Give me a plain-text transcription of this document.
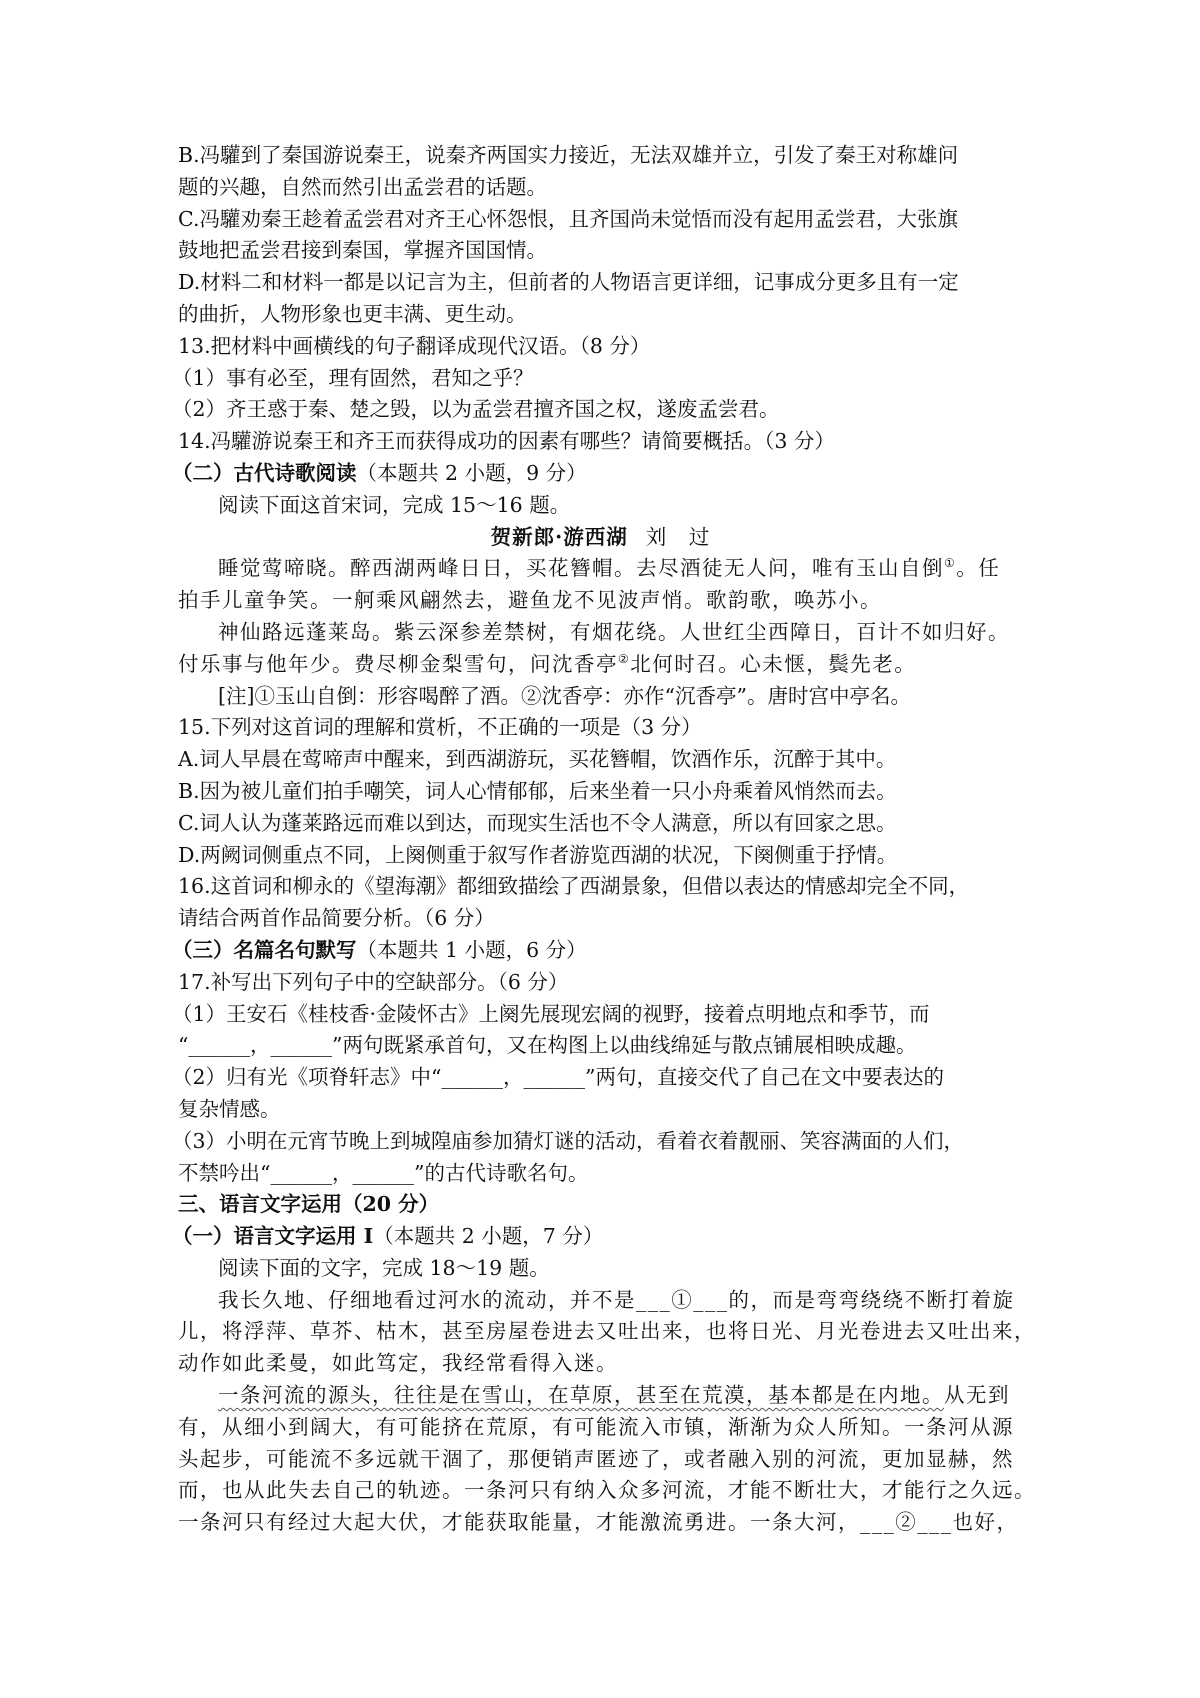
B.冯驩到了秦国游说秦王，说秦齐两国实力接近，无法双雄并立，引发了秦王对称雄问
题的兴趣，自然而然引出孟尝君的话题。
C.冯驩劝秦王趁着孟尝君对齐王心怀怨恨，且齐国尚未觉悟而没有起用孟尝君，大张旗
鼓地把孟尝君接到秦国，掌握齐国国情。
D.材料二和材料一都是以记言为主，但前者的人物语言更详细，记事成分更多且有一定
的曲折，人物形象也更丰满、更生动。
13.把材料中画横线的句子翻译成现代汉语。（8 分）
（1）事有必至，理有固然，君知之乎？
（2）齐王惑于秦、楚之毁，以为孟尝君擅齐国之权，遂废孟尝君。
14.冯驩游说秦王和齐王而获得成功的因素有哪些？请简要概括。（3 分）
（二）古代诗歌阅读（本题共 2 小题，9 分）
阅读下面这首宋词，完成 15～16 题。
贺新郎·游西湖 刘 过
睡觉莺啼晓。醉西湖两峰日日，买花簪帽。去尽酒徒无人问，唯有玉山自倒①。任
拍手儿童争笑。一舸乘风翩然去，避鱼龙不见波声悄。歌韵歌，唤苏小。
神仙路远蓬莱岛。紫云深参差禁树，有烟花绕。人世红尘西障日，百计不如归好。
付乐事与他年少。费尽柳金梨雪句，问沈香亭②北何时召。心未惬，鬓先老。
[注]①玉山自倒：形容喝醉了酒。②沈香亭：亦作“沉香亭”。唐时宫中亭名。
15.下列对这首词的理解和赏析，不正确的一项是（3 分）
A.词人早晨在莺啼声中醒来，到西湖游玩，买花簪帽，饮酒作乐，沉醉于其中。
B.因为被儿童们拍手嘲笑，词人心情郁郁，后来坐着一只小舟乘着风悄然而去。
C.词人认为蓬莱路远而难以到达，而现实生活也不令人满意，所以有回家之思。
D.两阙词侧重点不同，上阕侧重于叙写作者游览西湖的状况，下阕侧重于抒情。
16.这首词和柳永的《望海潮》都细致描绘了西湖景象，但借以表达的情感却完全不同，
请结合两首作品简要分析。（6 分）
（三）名篇名句默写（本题共 1 小题，6 分）
17.补写出下列句子中的空缺部分。（6 分）
（1）王安石《桂枝香·金陵怀古》上阕先展现宏阔的视野，接着点明地点和季节，而
“______，______”两句既紧承首句，又在构图上以曲线绵延与散点铺展相映成趣。
（2）归有光《项脊轩志》中“______，______”两句，直接交代了自己在文中要表达的
复杂情感。
（3）小明在元宵节晚上到城隍庙参加猜灯谜的活动，看着衣着靓丽、笑容满面的人们，
不禁吟出“______，______”的古代诗歌名句。
三、语言文字运用（20 分）
（一）语言文字运用 Ⅰ（本题共 2 小题，7 分）
阅读下面的文字，完成 18～19 题。
我长久地、仔细地看过河水的流动，并不是___①___的，而是弯弯绕绕不断打着旋
儿，将浮萍、草芥、枯木，甚至房屋卷进去又吐出来，也将日光、月光卷进去又吐出来，
动作如此柔曼，如此笃定，我经常看得入迷。
一条河流的源头，往往是在雪山，在草原，甚至在荒漠，基本都是在内地。从无到
有，从细小到阔大，有可能挤在荒原，有可能流入市镇，渐渐为众人所知。一条河从源
头起步，可能流不多远就干涸了，那便销声匿迹了，或者融入别的河流，更加显赫，然
而，也从此失去自己的轨迹。一条河只有纳入众多河流，才能不断壮大，才能行之久远。
一条河只有经过大起大伏，才能获取能量，才能激流勇进。一条大河，___②___也好，
